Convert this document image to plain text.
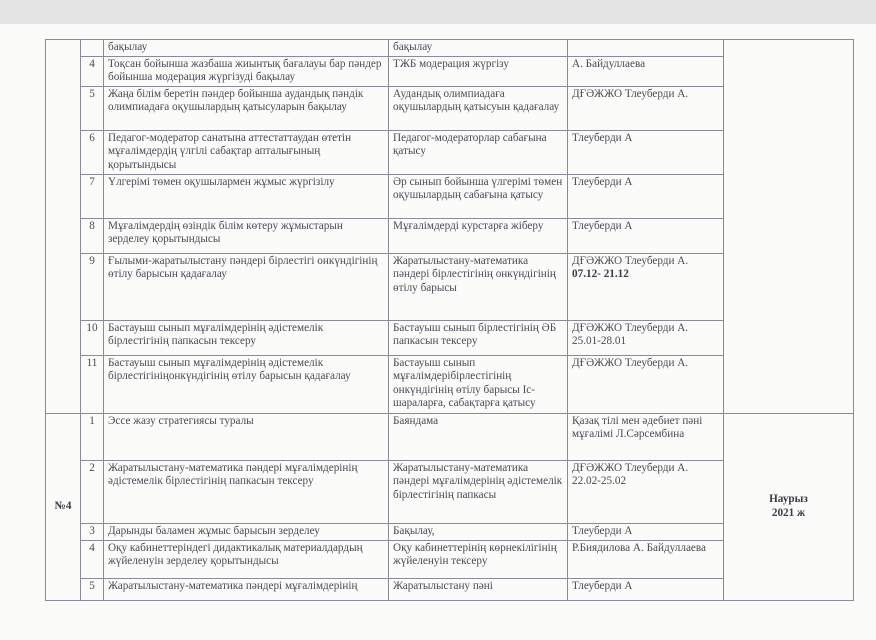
		бақылау	бақылау		
	4	Тоқсан бойынша жазбаша жиынтық бағалауы бар пәндер бойынша модерация жүргізуді бақылау	ТЖБ модерация жүргізу	А. Байдуллаева	
	5	Жаңа білім беретін пәндер бойынша аудандық пәндік олимпиадаға оқушылардың қатысуларын бақылау	Аудандық олимпиадаға оқушылардың қатысуын қадағалау	ДҒӘЖЖО Тлеуберди А.	
	6	Педагог-модератор санатына аттестаттаудан өтетін мұғалімдердің үлгілі сабақтар апталығының қорытындысы	Педагог-модераторлар сабағына қатысу	Тлеуберди А	
	7	Үлгерімі төмен оқушылармен жұмыс жүргізілу	Әр сынып бойынша үлгерімі төмен оқушылардың сабағына қатысу	Тлеуберди А	
	8	Мұғалімдердің өзіндік білім көтеру жұмыстарын зерделеу қорытындысы	Мұғалімдерді курстарға жіберу	Тлеуберди А	
	9	Ғылыми-жаратылыстану пәндері бірлестігі онкүндігінің өтілу барысын қадағалау	Жаратылыстану-математика пәндері бірлестігінің онкүндігінің өтілу барысы	ДҒӘЖЖО Тлеуберди А. 07.12- 21.12	
	10	Бастауыш сынып мұғалімдерінің әдістемелік бірлестігінің папкасын тексеру	Бастауыш сынып бірлестігінің ӘБ папкасын тексеру	ДҒӘЖЖО Тлеуберди А. 25.01-28.01	
	11	Бастауыш сынып мұғалімдерінің әдістемелік бірлестігініңонкүндігінің өтілу барысын қадағалау	Бастауыш сынып мұғалімдерібірлестігінің онкүндігінің өтілу барысы Іс-шараларға, сабақтарға қатысу	ДҒӘЖЖО Тлеуберди А.	
№4	1	Эссе жазу стратегиясы туралы	Баяндама	Қазақ тілі мен әдебиет пәні мұғалімі Л.Сәрсембина	Наурыз
2021 ж

	2	Жаратылыстану-математика пәндері мұғалімдерінің әдістемелік бірлестігінің папкасын тексеру	Жаратылыстану-математика пәндері мұғалімдерінің әдістемелік бірлестігінің папкасы	ДҒӘЖЖО Тлеуберди А. 22.02-25.02	
	3	Дарынды баламен жұмыс барысын зерделеу	Бақылау,	Тлеуберди А	
	4	Оқу кабинеттеріндегі дидактикалық материалдардың жүйеленуін зерделеу қорытындысы	Оқу кабинеттерінің көрнекілігінің жүйеленуін тексеру	Р.Биядилова А. Байдуллаева	
	5	Жаратылыстану-математика пәндері мұғалімдерінің	Жаратылыстану пәні	Тлеуберди А	
